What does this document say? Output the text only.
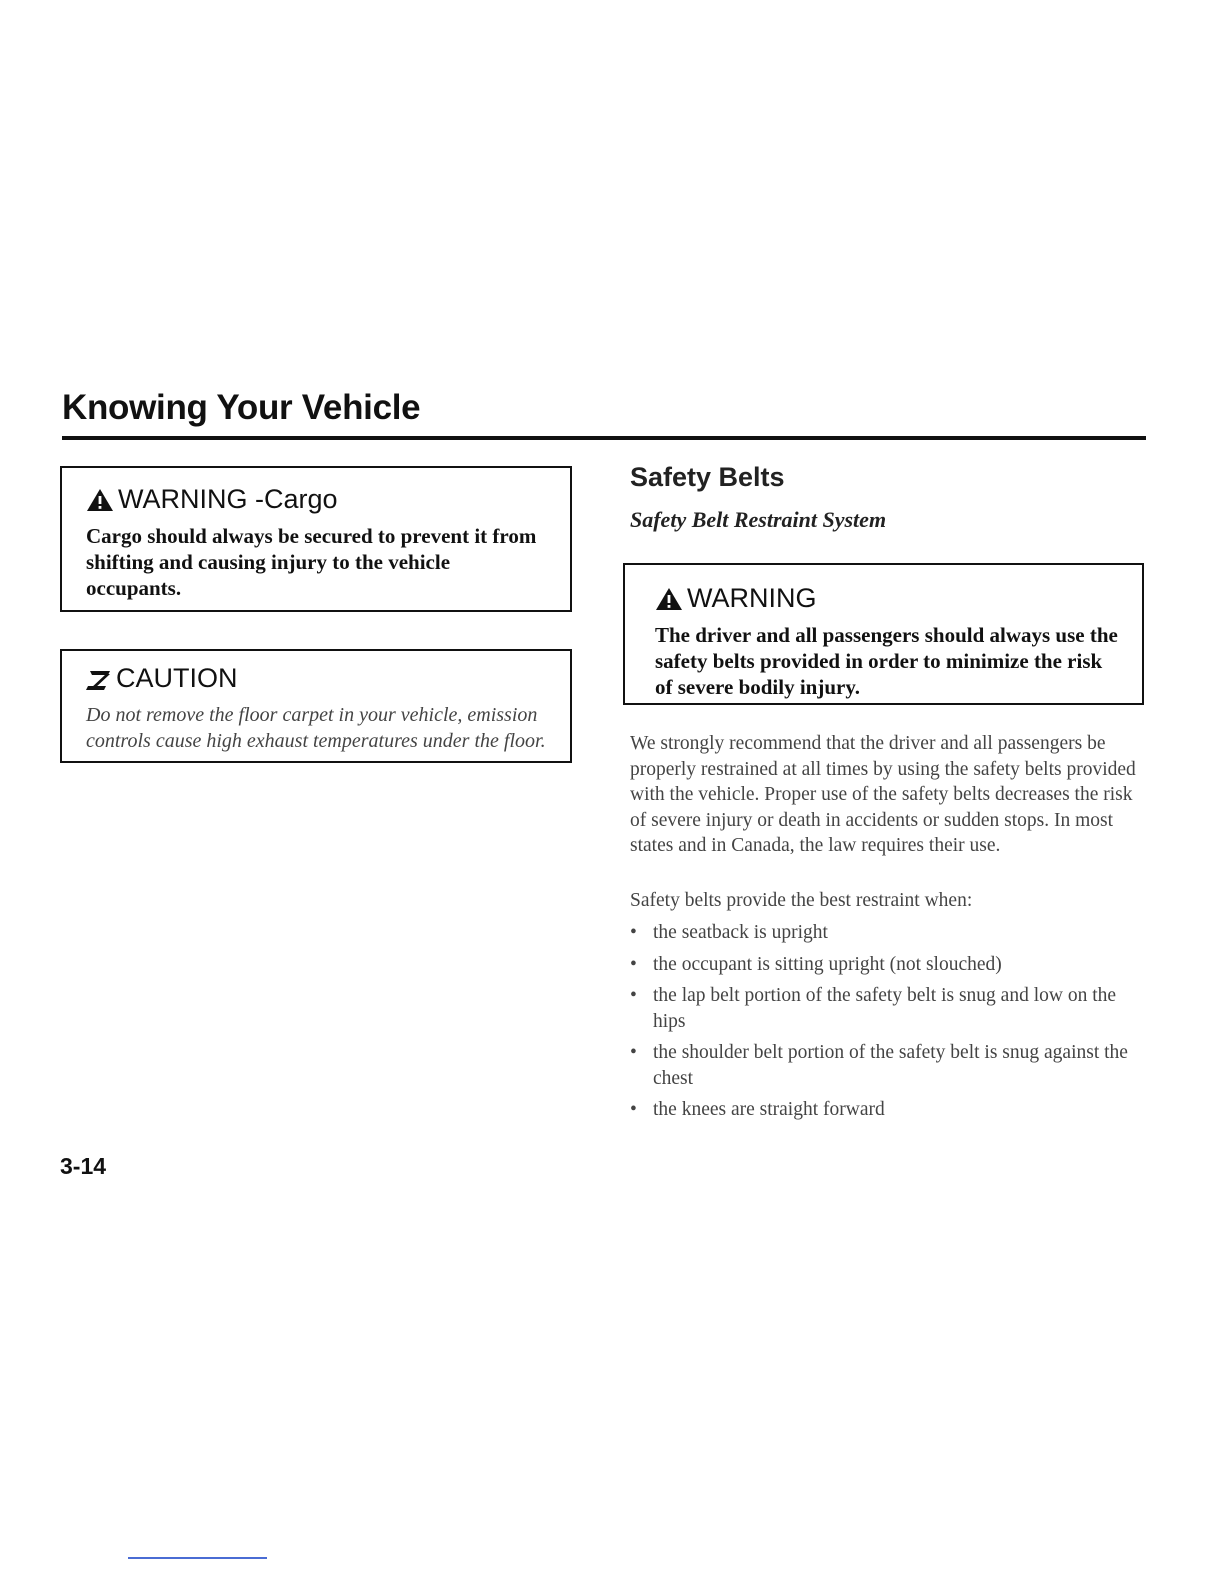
Knowing Your Vehicle
WARNING -Cargo

Cargo should always be secured to prevent it from shifting and causing injury to the vehicle occupants.

CAUTION

Do not remove the floor carpet in your vehicle, emission controls cause high exhaust temperatures under the floor.

Safety Belts
Safety Belt Restraint System
WARNING

The driver and all passengers should always use the safety belts provided in order to minimize the risk of severe bodily injury.

We strongly recommend that the driver and all passengers be properly restrained at all times by using the safety belts provided with the vehicle. Proper use of the safety belts decreases the risk of severe injury or death in accidents or sudden stops. In most states and in Canada, the law requires their use.

Safety belts provide the best restraint when:

• the seatback is upright
• the occupant is sitting upright (not slouched)
• the lap belt portion of the safety belt is snug and low on the hips
• the shoulder belt portion of the safety belt is snug against the chest
• the knees are straight forward

3-14
